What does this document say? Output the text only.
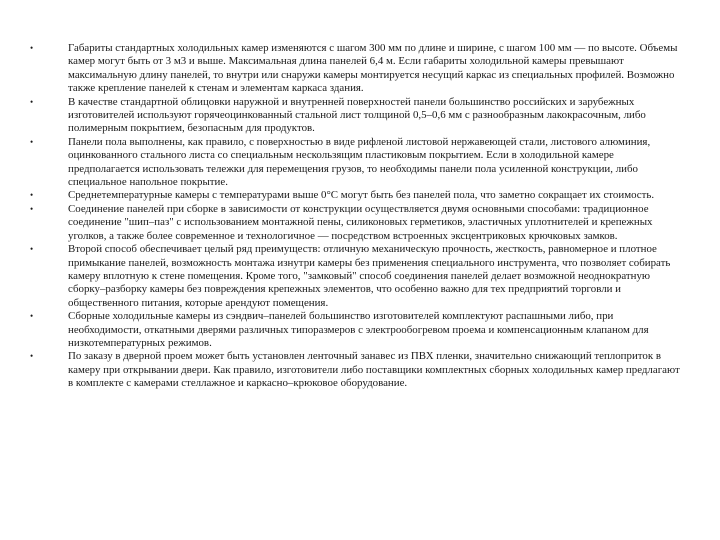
•	Габариты стандартных холодильных камер изменяются с шагом 300 мм по длине и ширине, с шагом 100 мм — по высоте. Объемы камер могут быть от 3 м3 и выше. Максимальная длина панелей 6,4 м. Если габариты холодильной камеры превышают максимальную длину панелей, то внутри или снаружи камеры монтируется несущий каркас из специальных профилей. Возможно также крепление панелей к стенам и элементам каркаса здания.
•	В качестве стандартной облицовки наружной и внутренней поверхностей панели большинство российских и зарубежных изготовителей используют горячеоцинкованный стальной лист толщиной 0,5–0,6 мм с разнообразным лакокрасочным, либо полимерным покрытием, безопасным для продуктов.
•	Панели пола выполнены, как правило, с поверхностью в виде рифленой листовой нержавеющей стали, листового алюминия, оцинкованного стального листа со специальным нескользящим пластиковым покрытием. Если в холодильной камере предполагается использовать тележки для перемещения грузов, то необходимы панели пола усиленной конструкции, либо специальное напольное покрытие.
•	Среднетемпературные камеры с температурами выше 0°С могут быть без панелей пола, что заметно сокращает их стоимость.
•	Соединение панелей при сборке в зависимости от конструкции осуществляется двумя основными способами: традиционное соединение "шип–паз" с использованием монтажной пены, силиконовых герметиков, эластичных уплотнителей и крепежных уголков, а также более современное и технологичное — посредством встроенных эксцентриковых крючковых замков.
•	Второй способ обеспечивает целый ряд преимуществ: отличную механическую прочность, жесткость, равномерное и плотное примыкание панелей, возможность монтажа изнутри камеры без применения специального инструмента, что позволяет собирать камеру вплотную к стене помещения. Кроме того, "замковый" способ соединения панелей делает возможной неоднократную сборку–разборку камеры без повреждения крепежных элементов, что особенно важно для тех предприятий торговли и общественного питания, которые арендуют помещения.
•	Сборные холодильные камеры из сэндвич–панелей большинство изготовителей комплектуют распашными либо, при необходимости, откатными дверями различных типоразмеров с электрообогревом проема и компенсационным клапаном для низкотемпературных режимов.
•	По заказу в дверной проем может быть установлен ленточный занавес из ПВХ пленки, значительно снижающий теплоприток в камеру при открывании двери. Как правило, изготовители либо поставщики комплектных сборных холодильных камер предлагают в комплекте с камерами стеллажное и каркасно–крюковое оборудование.
